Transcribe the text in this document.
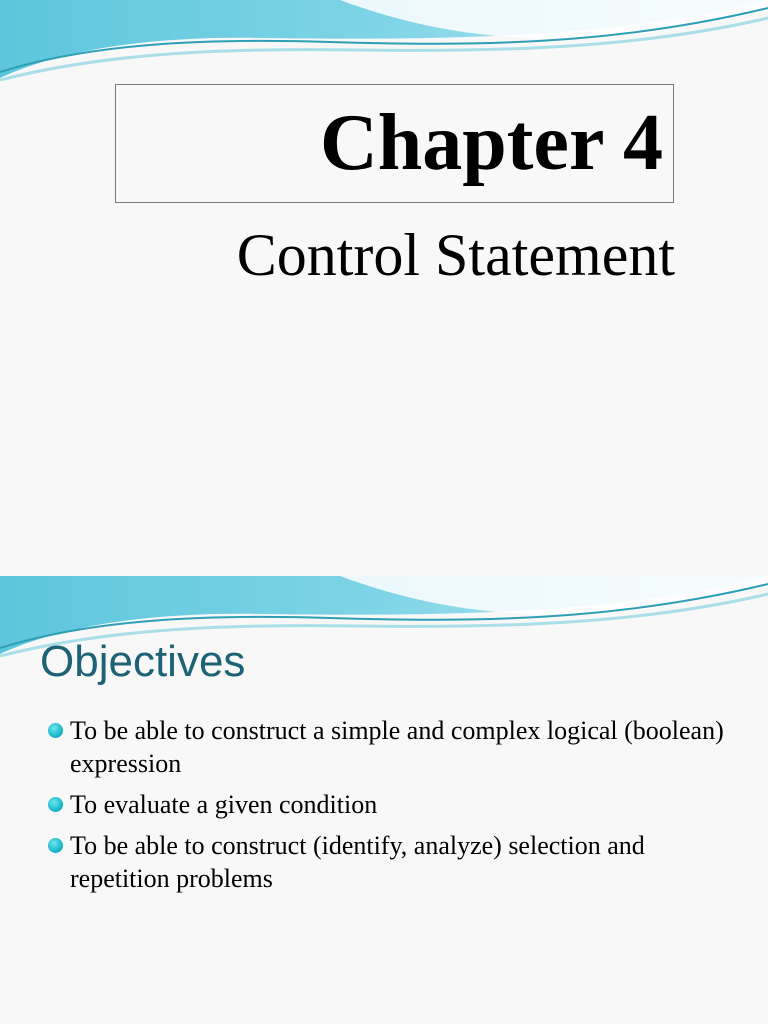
Chapter 4
Control Statement
Objectives
To be able to construct a simple and complex logical (boolean) expression
To evaluate a given condition
To be able to construct (identify, analyze) selection and repetition problems
